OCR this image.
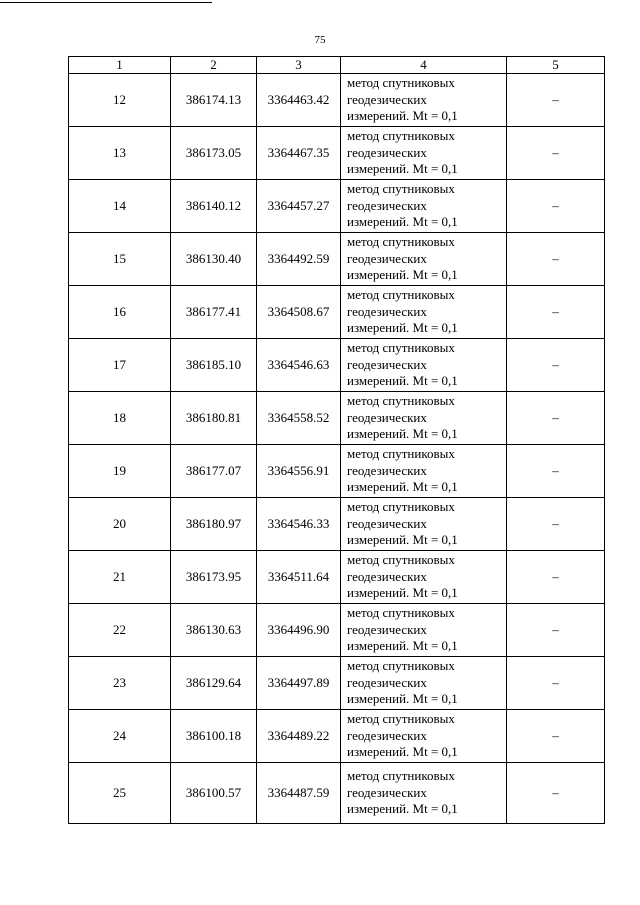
75
1	2	3	4	5
12	386174.13	3364463.42	метод спутниковых
геодезических
измерений. Mt = 0,1	–
13	386173.05	3364467.35	метод спутниковых
геодезических
измерений. Mt = 0,1	–
14	386140.12	3364457.27	метод спутниковых
геодезических
измерений. Mt = 0,1	–
15	386130.40	3364492.59	метод спутниковых
геодезических
измерений. Mt = 0,1	–
16	386177.41	3364508.67	метод спутниковых
геодезических
измерений. Mt = 0,1	–
17	386185.10	3364546.63	метод спутниковых
геодезических
измерений. Mt = 0,1	–
18	386180.81	3364558.52	метод спутниковых
геодезических
измерений. Mt = 0,1	–
19	386177.07	3364556.91	метод спутниковых
геодезических
измерений. Mt = 0,1	–
20	386180.97	3364546.33	метод спутниковых
геодезических
измерений. Mt = 0,1	–
21	386173.95	3364511.64	метод спутниковых
геодезических
измерений. Mt = 0,1	–
22	386130.63	3364496.90	метод спутниковых
геодезических
измерений. Mt = 0,1	–
23	386129.64	3364497.89	метод спутниковых
геодезических
измерений. Mt = 0,1	–
24	386100.18	3364489.22	метод спутниковых
геодезических
измерений. Mt = 0,1	–
25	386100.57	3364487.59	метод спутниковых
геодезических
измерений. Mt = 0,1	–
